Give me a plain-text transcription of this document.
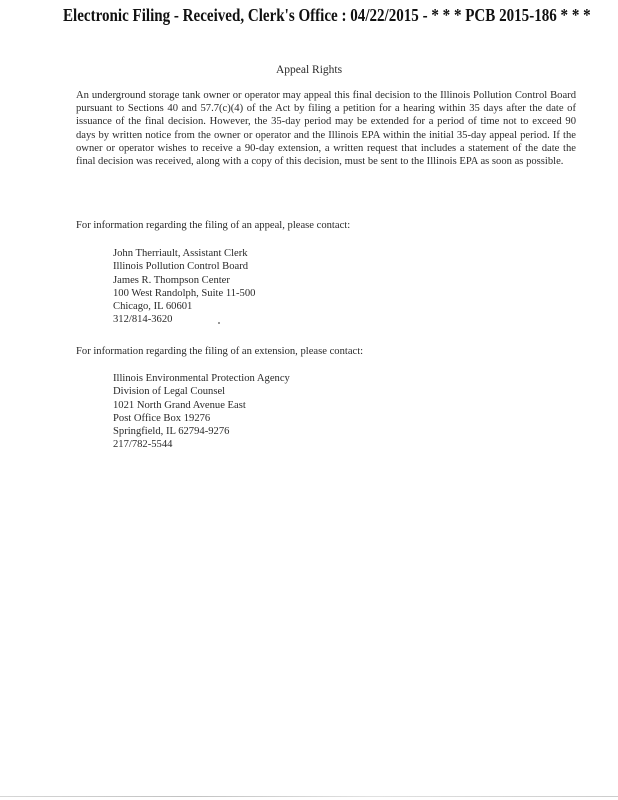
Electronic Filing - Received, Clerk's Office : 04/22/2015 - * * * PCB 2015-186 * * *
Appeal Rights

An underground storage tank owner or operator may appeal this final decision to the Illinois Pollution Control Board pursuant to Sections 40 and 57.7(c)(4) of the Act by filing a petition for a hearing within 35 days after the date of issuance of the final decision. However, the 35-day period may be extended for a period of time not to exceed 90 days by written notice from the owner or operator and the Illinois EPA within the initial 35-day appeal period. If the owner or operator wishes to receive a 90-day extension, a written request that includes a statement of the date the final decision was received, along with a copy of this decision, must be sent to the Illinois EPA as soon as possible.

For information regarding the filing of an appeal, please contact:

John Therriault, Assistant Clerk
Illinois Pollution Control Board
James R. Thompson Center
100 West Randolph, Suite 11-500
Chicago, IL 60601
312/814-3620

For information regarding the filing of an extension, please contact:

Illinois Environmental Protection Agency
Division of Legal Counsel
1021 North Grand Avenue East
Post Office Box 19276
Springfield, IL 62794-9276
217/782-5544
